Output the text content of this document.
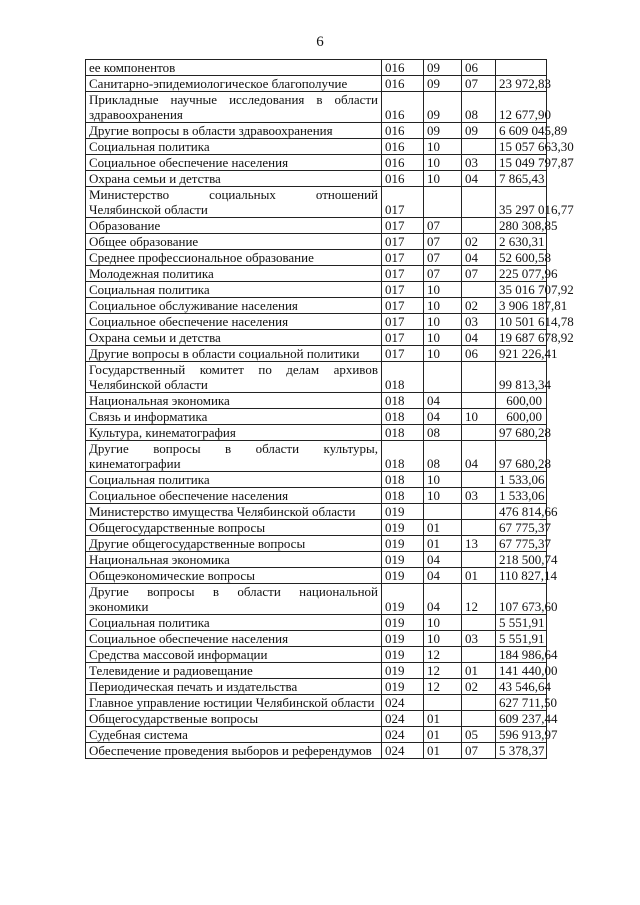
6
ее компонентов	016	09	06	
Санитарно-эпидемиологическое благополучие	016	09	07	23 972,83
Прикладные научные исследования в области здравоохранения	016	09	08	12 677,90
Другие вопросы в области здравоохранения	016	09	09	6 609 045,89
Социальная политика	016	10		15 057 663,30
Социальное обеспечение населения	016	10	03	15 049 797,87
Охрана семьи и детства	016	10	04	7 865,43
Министерство социальных отношений Челябинской области	017			35 297 016,77
Образование	017	07		280 308,85
Общее образование	017	07	02	2 630,31
Среднее профессиональное образование	017	07	04	52 600,58
Молодежная политика	017	07	07	225 077,96
Социальная политика	017	10		35 016 707,92
Социальное обслуживание населения	017	10	02	3 906 187,81
Социальное обеспечение населения	017	10	03	10 501 614,78
Охрана семьи и детства	017	10	04	19 687 678,92
Другие вопросы в области социальной политики	017	10	06	921 226,41
Государственный комитет по делам архивов Челябинской области	018			99 813,34
Национальная экономика	018	04		600,00
Связь и информатика	018	04	10	600,00
Культура, кинематография	018	08		97 680,28
Другие вопросы в области культуры, кинематографии	018	08	04	97 680,28
Социальная политика	018	10		1 533,06
Социальное обеспечение населения	018	10	03	1 533,06
Министерство имущества Челябинской области	019			476 814,66
Общегосударственные вопросы	019	01		67 775,37
Другие общегосударственные вопросы	019	01	13	67 775,37
Национальная экономика	019	04		218 500,74
Общеэкономические вопросы	019	04	01	110 827,14
Другие вопросы в области национальной экономики	019	04	12	107 673,60
Социальная политика	019	10		5 551,91
Социальное обеспечение населения	019	10	03	5 551,91
Средства массовой информации	019	12		184 986,64
Телевидение и радиовещание	019	12	01	141 440,00
Периодическая печать и издательства	019	12	02	43 546,64
Главное управление юстиции Челябинской области	024			627 711,50
Общегосударственые вопросы	024	01		609 237,44
Судебная система	024	01	05	596 913,97
Обеспечение проведения выборов и референдумов	024	01	07	5 378,37
